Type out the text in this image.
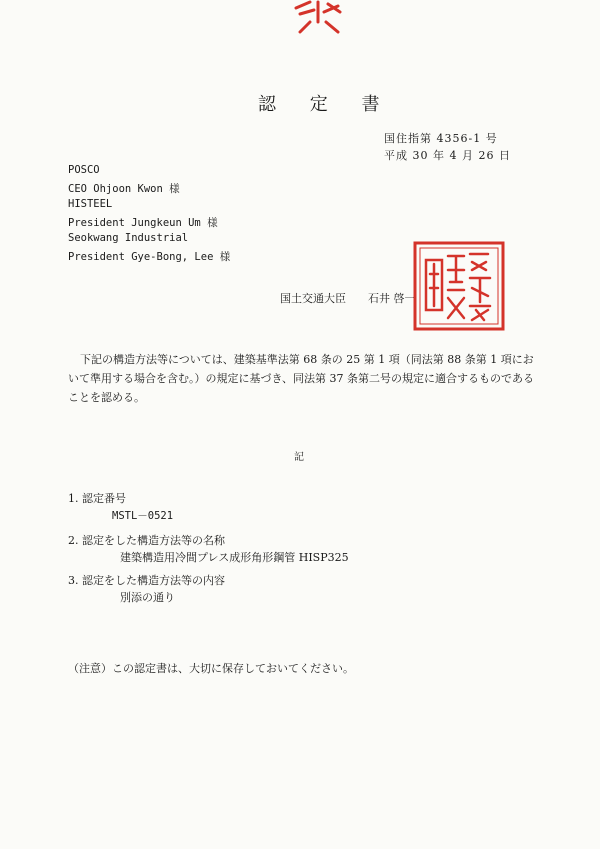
認 定 書
国住指第 4356-1 号
平成 30 年 4 月 26 日
POSCO
CEO Ohjoon Kwon 様
HISTEEL
President Jungkeun Um 様
Seokwang Industrial
President Gye-Bong, Lee 様
国土交通大臣 石井 啓一
下記の構造方法等については、建築基準法第 68 条の 25 第 1 項（同法第 88 条第 1 項において準用する場合を含む。）の規定に基づき、同法第 37 条第二号の規定に適合するものであることを認める。
記
1. 認定番号
MSTL－0521
2. 認定をした構造方法等の名称
建築構造用冷間プレス成形角形鋼管 HISP325
3. 認定をした構造方法等の内容
別添の通り
（注意）この認定書は、大切に保存しておいてください。
